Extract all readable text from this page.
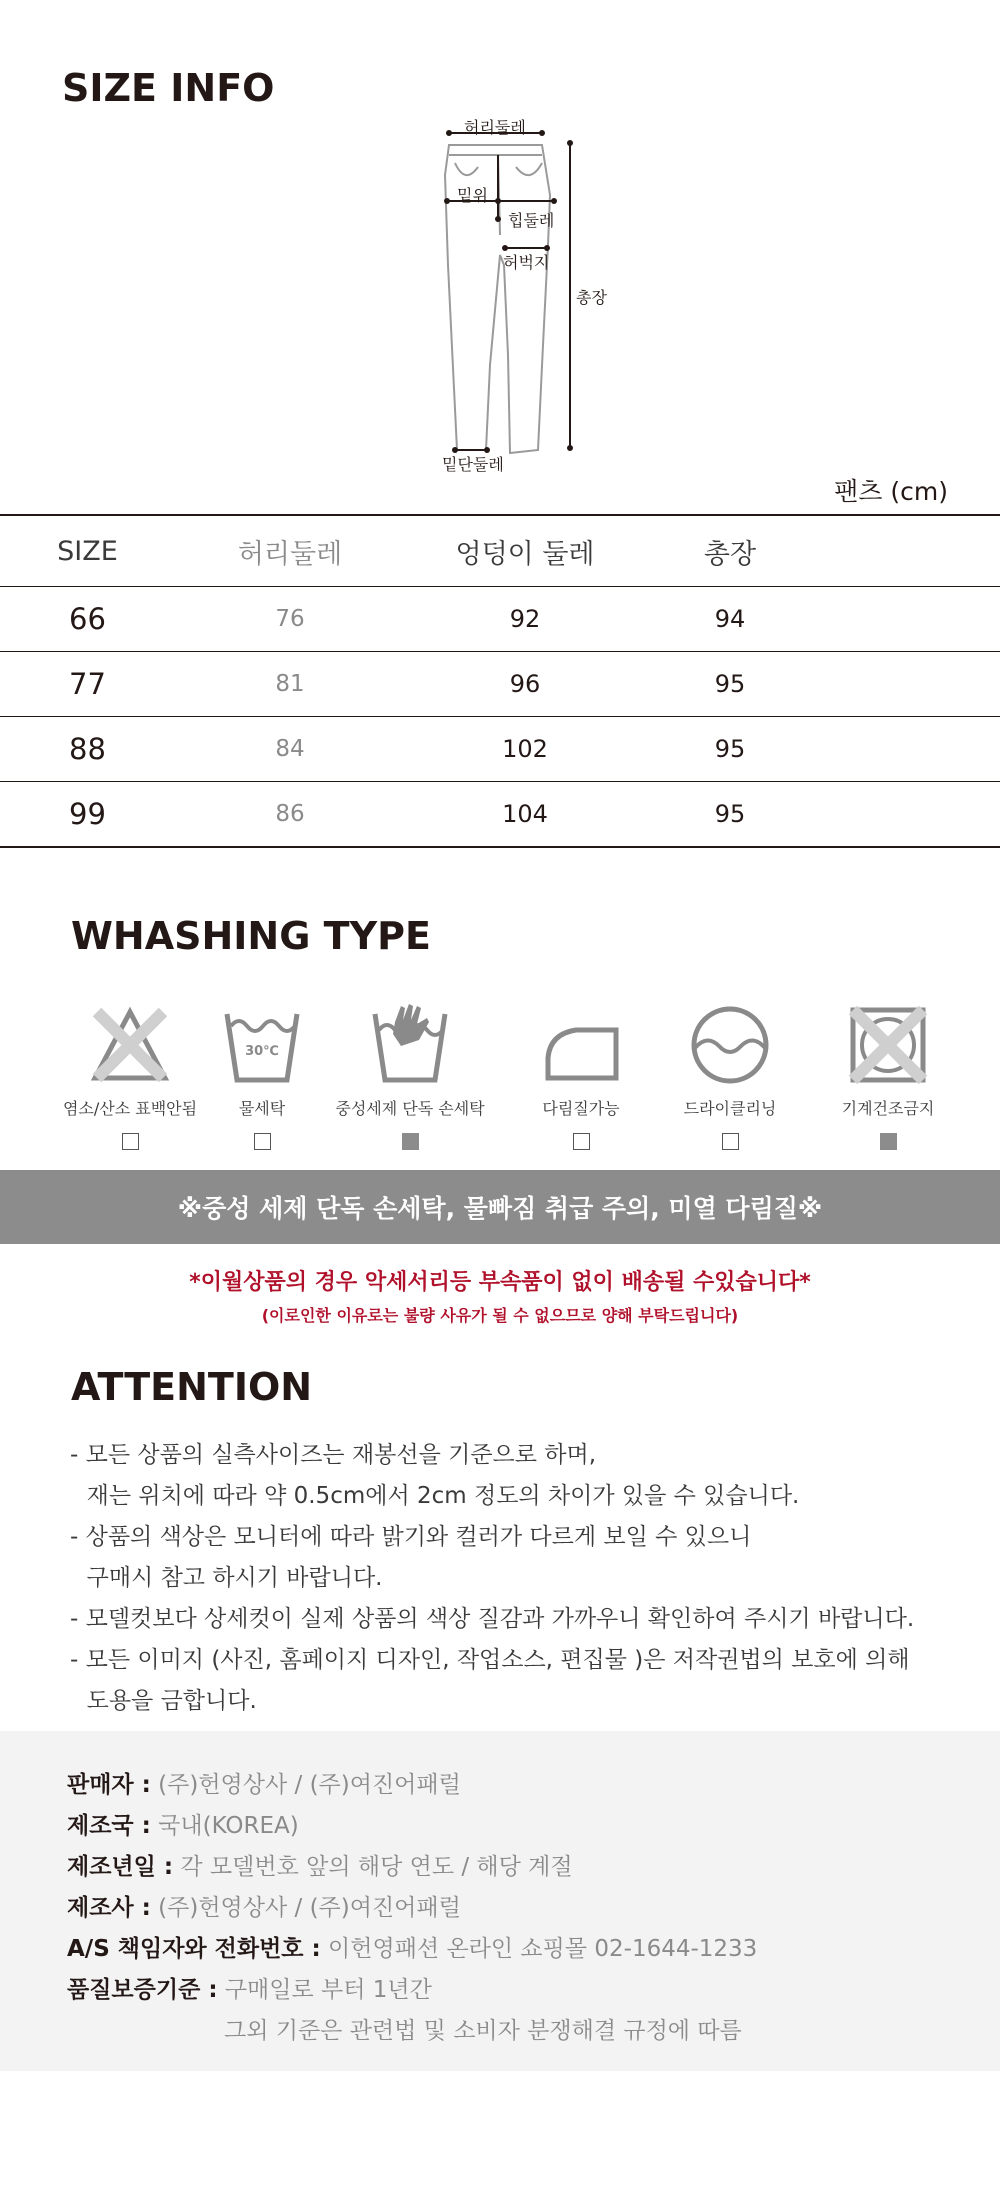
SIZE INFO
허리둘레
밑위
힙둘레
허벅지
총장
밑단둘레
팬츠 (cm)
SIZE	허리둘레	엉덩이 둘레	총장
66	76	92	94
77	81	96	95
88	84	102	95
99	86	104	95
WHASHING TYPE
염소/산소 표백안됨
30℃
물세탁	중성세제 단독 손세탁	다림질가능	드라이클리닝	기계건조금지
※중성 세제 단독 손세탁, 물빠짐 취급 주의, 미열 다림질※
*이월상품의 경우 악세서리등 부속품이 없이 배송될 수있습니다*
(이로인한 이유로는 불량 사유가 될 수 없으므로 양해 부탁드립니다)
ATTENTION
- 모든 상품의 실측사이즈는 재봉선을 기준으로 하며,
재는 위치에 따라 약 0.5cm에서 2cm 정도의 차이가 있을 수 있습니다.
- 상품의 색상은 모니터에 따라 밝기와 컬러가 다르게 보일 수 있으니
구매시 참고 하시기 바랍니다.
- 모델컷보다 상세컷이 실제 상품의 색상 질감과 가까우니 확인하여 주시기 바랍니다.
- 모든 이미지 (사진, 홈페이지 디자인, 작업소스, 편집물 )은 저작권법의 보호에 의해
도용을 금합니다.
판매자 : (주)헌영상사 / (주)여진어패럴
제조국 : 국내(KOREA)
제조년일 : 각 모델번호 앞의 해당 연도 / 해당 계절
제조사 : (주)헌영상사 / (주)여진어패럴
A/S 책임자와 전화번호 : 이헌영패션 온라인 쇼핑몰 02-1644-1233
품질보증기준 : 구매일로 부터 1년간
그외 기준은 관련법 및 소비자 분쟁해결 규정에 따름
